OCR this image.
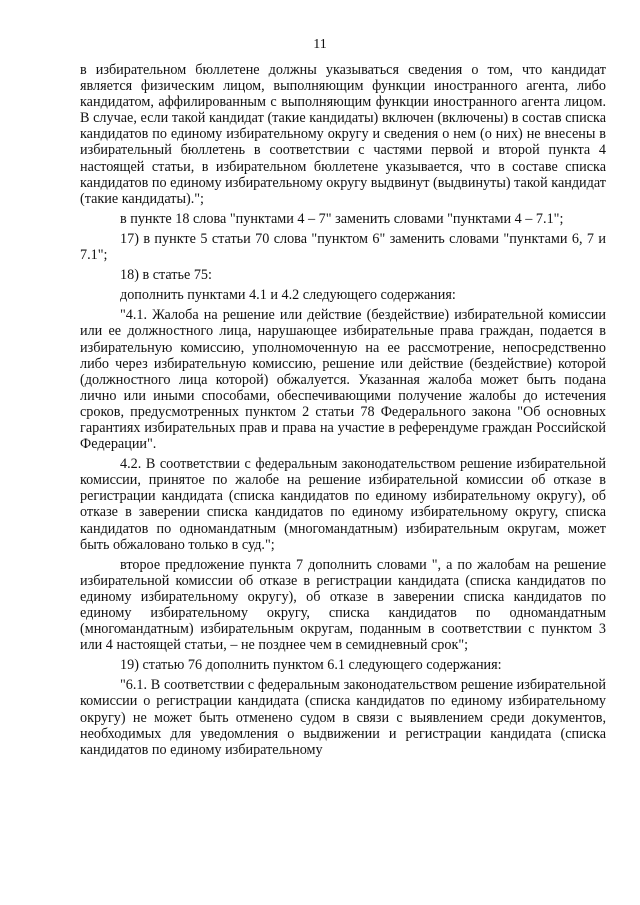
11

в избирательном бюллетене должны указываться сведения о том, что кандидат является физическим лицом, выполняющим функции иностранного агента, либо кандидатом, аффилированным с выполняющим функции иностранного агента лицом. В случае, если такой кандидат (такие кандидаты) включен (включены) в состав списка кандидатов по единому избирательному округу и сведения о нем (о них) не внесены в избирательный бюллетень в соответствии с частями первой и второй пункта 4 настоящей статьи, в избирательном бюллетене указывается, что в составе списка кандидатов по единому избирательному округу выдвинут (выдвинуты) такой кандидат (такие кандидаты).";

в пункте 18 слова "пунктами 4 – 7" заменить словами "пунктами 4 – 7.1";

17) в пункте 5 статьи 70 слова "пунктом 6" заменить словами "пунктами 6, 7 и 7.1";

18) в статье 75:

дополнить пунктами 4.1 и 4.2 следующего содержания:

"4.1. Жалоба на решение или действие (бездействие) избирательной комиссии или ее должностного лица, нарушающее избирательные права граждан, подается в избирательную комиссию, уполномоченную на ее рассмотрение, непосредственно либо через избирательную комиссию, решение или действие (бездействие) которой (должностного лица которой) обжалуется. Указанная жалоба может быть подана лично или иными способами, обеспечивающими получение жалобы до истечения сроков, предусмотренных пунктом 2 статьи 78 Федерального закона "Об основных гарантиях избирательных прав и права на участие в референдуме граждан Российской Федерации".

4.2. В соответствии с федеральным законодательством решение избирательной комиссии, принятое по жалобе на решение избирательной комиссии об отказе в регистрации кандидата (списка кандидатов по единому избирательному округу), об отказе в заверении списка кандидатов по единому избирательному округу, списка кандидатов по одномандатным (многомандатным) избирательным округам, может быть обжаловано только в суд.";

второе предложение пункта 7 дополнить словами ", а по жалобам на решение избирательной комиссии об отказе в регистрации кандидата (списка кандидатов по единому избирательному округу), об отказе в заверении списка кандидатов по единому избирательному округу, списка кандидатов по одномандатным (многомандатным) избирательным округам, поданным в соответствии с пунктом 3 или 4 настоящей статьи, – не позднее чем в семидневный срок";

19) статью 76 дополнить пунктом 6.1 следующего содержания:

"6.1. В соответствии с федеральным законодательством решение избирательной комиссии о регистрации кандидата (списка кандидатов по единому избирательному округу) не может быть отменено судом в связи с выявлением среди документов, необходимых для уведомления о выдвижении и регистрации кандидата (списка кандидатов по единому избирательному
